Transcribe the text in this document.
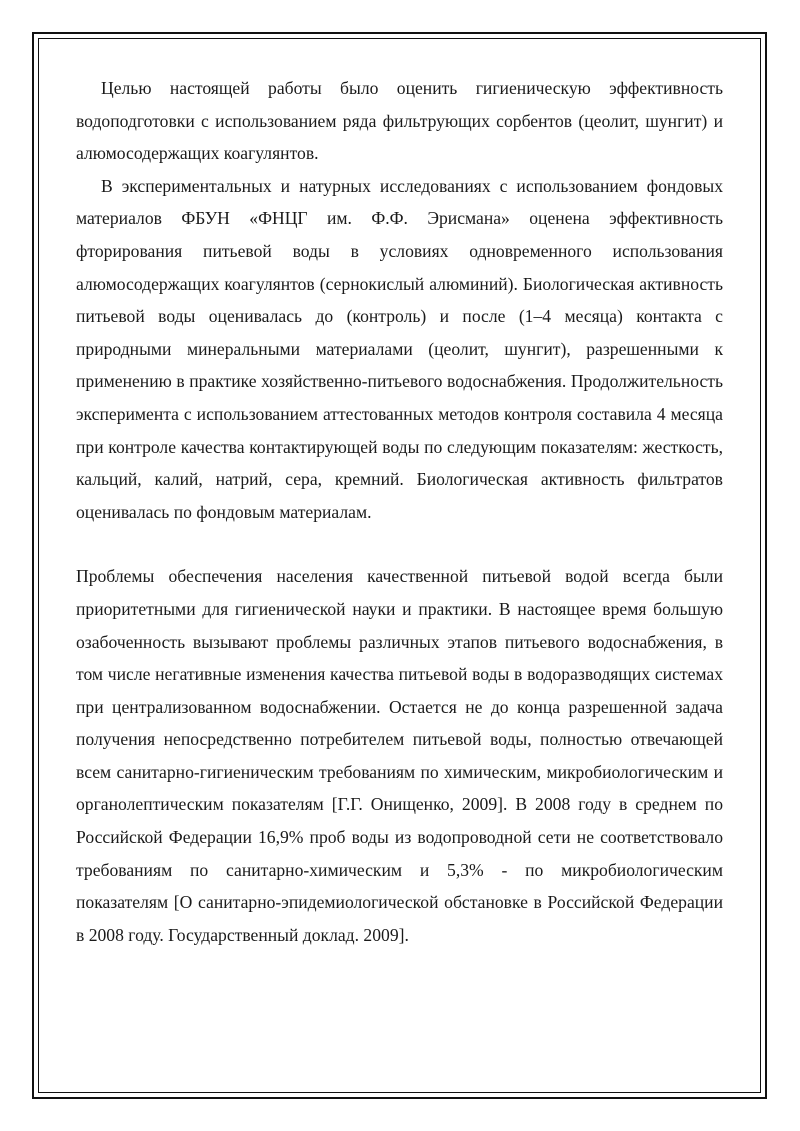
Целью настоящей работы было оценить гигиеническую эффективность водоподготовки с использованием ряда фильтрующих сорбентов (цеолит, шунгит) и алюмосодержащих коагулянтов.

В экспериментальных и натурных исследованиях с использованием фондовых материалов ФБУН «ФНЦГ им. Ф.Ф. Эрисмана» оценена эффективность фторирования питьевой воды в условиях одновременного использования алюмосодержащих коагулянтов (сернокислый алюминий). Биологическая активность питьевой воды оценивалась до (контроль) и после (1–4 месяца) контакта с природными минеральными материалами (цеолит, шунгит), разрешенными к применению в практике хозяйственно-питьевого водоснабжения. Продолжительность эксперимента с использованием аттестованных методов контроля составила 4 месяца при контроле качества контактирующей воды по следующим показателям: жесткость, кальций, калий, натрий, сера, кремний. Биологическая активность фильтратов оценивалась по фондовым материалам.

Проблемы обеспечения населения качественной питьевой водой всегда были приоритетными для гигиенической науки и практики. В настоящее время большую озабоченность вызывают проблемы различных этапов питьевого водоснабжения, в том числе негативные изменения качества питьевой воды в водоразводящих системах при централизованном водоснабжении. Остается не до конца разрешенной задача получения непосредственно потребителем питьевой воды, полностью отвечающей всем санитарно-гигиеническим требованиям по химическим, микробиологическим и органолептическим показателям [Г.Г. Онищенко, 2009]. В 2008 году в среднем по Российской Федерации 16,9% проб воды из водопроводной сети не соответствовало требованиям по санитарно-химическим и 5,3% - по микробиологическим показателям [О санитарно-эпидемиологической обстановке в Российской Федерации в 2008 году. Государственный доклад. 2009].
